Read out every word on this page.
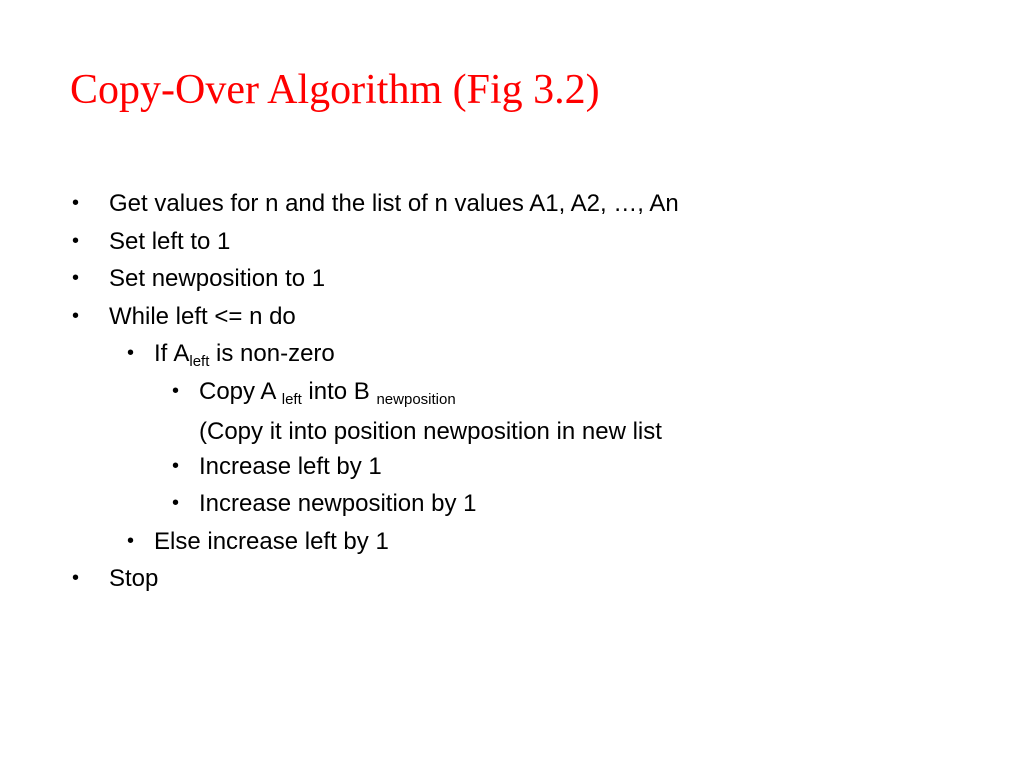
Copy-Over Algorithm (Fig 3.2)
• Get values for n and the list of n values A1, A2, …, An
• Set left to 1
• Set newposition to 1
• While left <= n do
• If $A_{left}$ is non-zero
• Copy A $_{left}$ into B $_{newposition}$
(Copy it into position newposition in new list
• Increase left by 1
• Increase newposition by 1
• Else increase left by 1
• Stop
